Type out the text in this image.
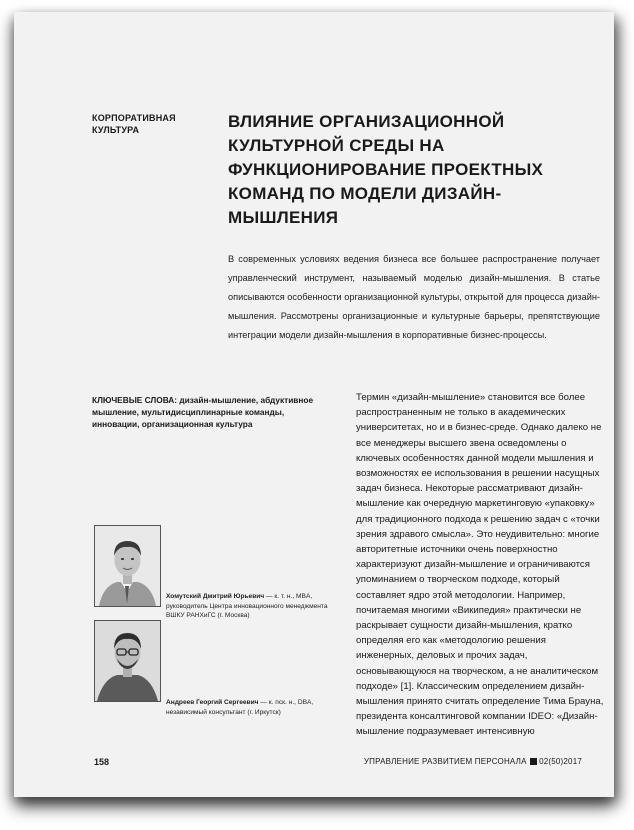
КОРПОРАТИВНАЯ КУЛЬТУРА	ВЛИЯНИЕ ОРГАНИЗАЦИОННОЙ КУЛЬТУРНОЙ СРЕДЫ НА ФУНКЦИОНИРОВАНИЕ ПРОЕКТНЫХ КОМАНД ПО МОДЕЛИ ДИЗАЙН-МЫШЛЕНИЯ

В современных условиях ведения бизнеса все большее распространение получает управленческий инструмент, называемый моделью дизайн-мышления. В статье описываются особенности организационной культуры, открытой для процесса дизайн-мышления. Рассмотрены организационные и культурные барьеры, препятствующие интеграции модели дизайн-мышления в корпоративные бизнес-процессы.

КЛЮЧЕВЫЕ СЛОВА: дизайн-мышление, абдуктивное мышление, мультидисциплинарные команды, инновации, организационная культура

Хомутский Дмитрий Юрьевич — к. т. н., MBA, руководитель Центра инновационного менеджмента ВШКУ РАНХиГС (г. Москва)

Андреев Георгий Сергеевич — к. пск. н., DBA, независимый консультант (г. Иркутск)

Термин «дизайн-мышление» становится все более распространенным не только в академических университетах, но и в бизнес-среде. Однако далеко не все менеджеры высшего звена осведомлены о ключевых особенностях данной модели мышления и возможностях ее использования в решении насущных задач бизнеса. Некоторые рассматривают дизайн-мышление как очередную маркетинговую «упаковку» для традиционного подхода к решению задач с «точки зрения здравого смысла». Это неудивительно: многие авторитетные источники очень поверхностно характеризуют дизайн-мышление и ограничиваются упоминанием о творческом подходе, который составляет ядро этой методологии. Например, почитаемая многими «Википедия» практически не раскрывает сущности дизайн-мышления, кратко определяя его как «методологию решения инженерных, деловых и прочих задач, основывающуюся на творческом, а не аналитическом подходе» [1]. Классическим определением дизайн-мышления принято считать определение Тима Брауна, президента консалтинговой компании IDEO: «Дизайн-мышление подразумевает интенсивную

158	УПРАВЛЕНИЕ РАЗВИТИЕМ ПЕРСОНАЛА 02(50)2017
